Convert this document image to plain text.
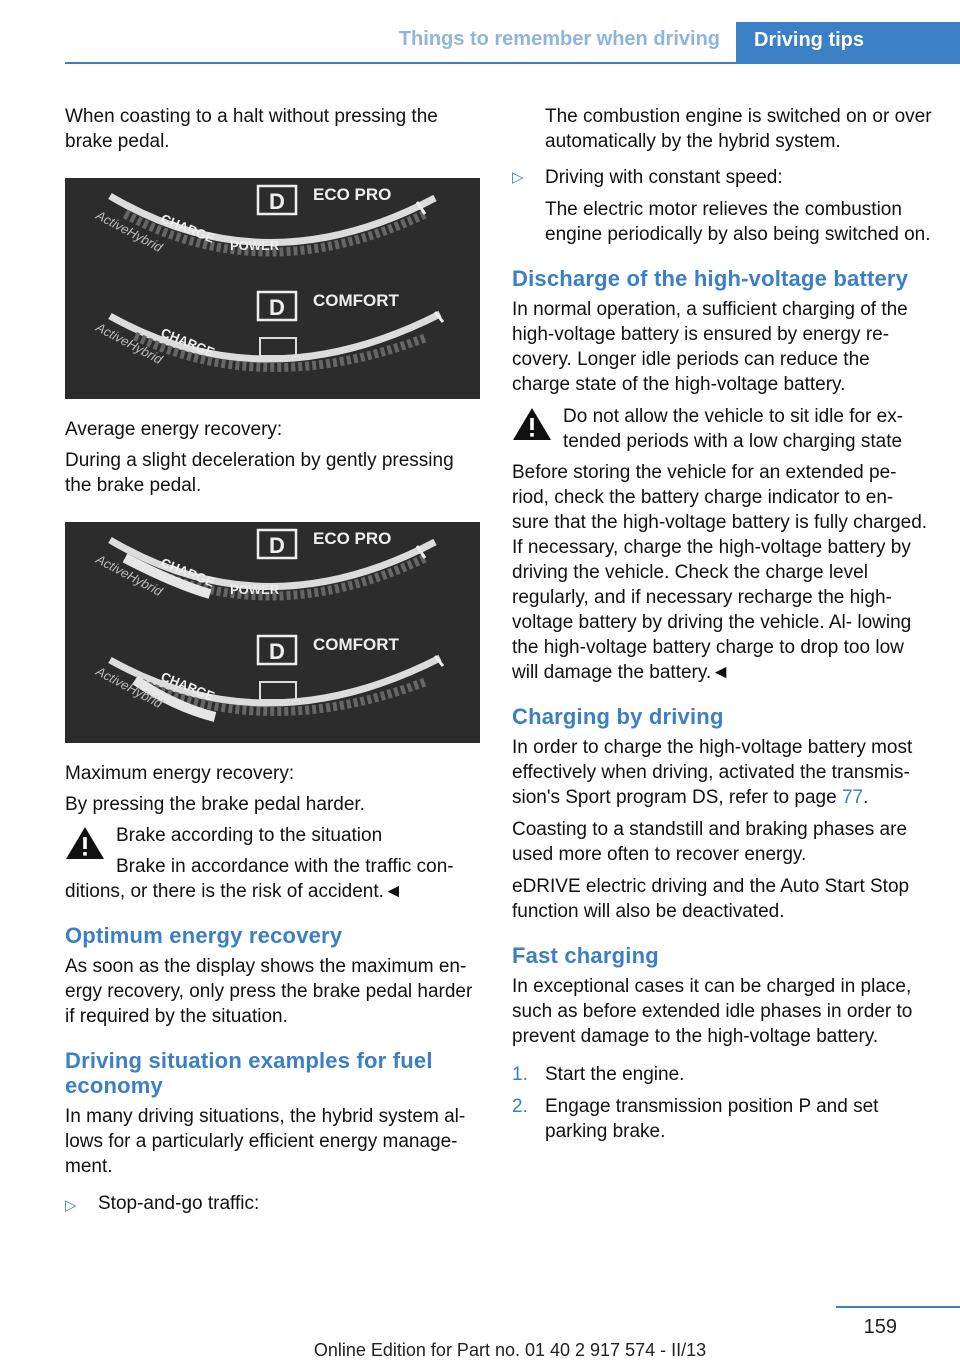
Things to remember when driving	Driving tips

When coasting to a halt without pressing the brake pedal.

D ECO PRO
POWER
CHARGE
ActiveHybrid
D COMFORT
CHARGE
ActiveHybrid

Average energy recovery:

During a slight deceleration by gently pressing the brake pedal.

D ECO PRO
POWER
CHARGE
ActiveHybrid
D COMFORT
CHARGE
ActiveHybrid

Maximum energy recovery:

By pressing the brake pedal harder.

Brake according to the situation

Brake in accordance with the traffic con-

ditions, or there is the risk of accident.◄

Optimum energy recovery

As soon as the display shows the maximum en- ergy recovery, only press the brake pedal harder if required by the situation.

Driving situation examples for fuel economy

In many driving situations, the hybrid system al- lows for a particularly efficient energy manage- ment.

▷ Stop-and-go traffic:

The combustion engine is switched on or over automatically by the hybrid system.

▷ Driving with constant speed:
The electric motor relieves the combustion engine periodically by also being switched on.
Discharge of the high-voltage battery

In normal operation, a sufficient charging of the high-voltage battery is ensured by energy re- covery. Longer idle periods can reduce the charge state of the high-voltage battery.

Do not allow the vehicle to sit idle for ex- tended periods with a low charging state

Before storing the vehicle for an extended pe- riod, check the battery charge indicator to en- sure that the high-voltage battery is fully charged. If necessary, charge the high-voltage battery by driving the vehicle. Check the charge level regularly, and if necessary recharge the high-voltage battery by driving the vehicle. Al- lowing the high-voltage battery charge to drop too low will damage the battery.◄

Charging by driving

In order to charge the high-voltage battery most effectively when driving, activated the transmis- sion's Sport program DS, refer to page 77.

Coasting to a standstill and braking phases are used more often to recover energy.

eDRIVE electric driving and the Auto Start Stop function will also be deactivated.

Fast charging

In exceptional cases it can be charged in place, such as before extended idle phases in order to prevent damage to the high-voltage battery.

1. Start the engine.
2. Engage transmission position P and set parking brake.
159
Online Edition for Part no. 01 40 2 917 574 - II/13
